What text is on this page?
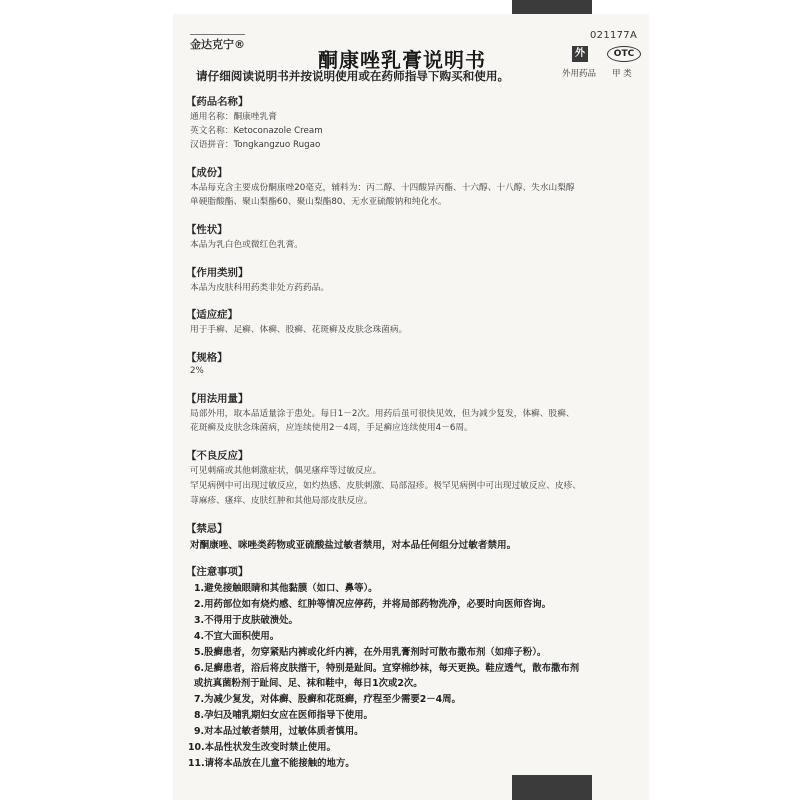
金达克宁®
021177A
酮康唑乳膏说明书
请仔细阅读说明书并按说明使用或在药师指导下购买和使用。
外	OTC
外用药品 甲 类
【药品名称】
通用名称：酮康唑乳膏
英文名称：Ketoconazole Cream
汉语拼音：Tongkangzuo Rugao
【成份】
本品每克含主要成份酮康唑20毫克，辅料为：丙二醇、十四酸异丙酯、十六醇、十八醇、失水山梨醇
单硬脂酸酯、聚山梨酯60、聚山梨酯80、无水亚硫酸钠和纯化水。
【性状】
本品为乳白色或微红色乳膏。
【作用类别】
本品为皮肤科用药类非处方药药品。
【适应症】
用于手癣、足癣、体癣、股癣、花斑癣及皮肤念珠菌病。
【规格】
2%
【用法用量】
局部外用，取本品适量涂于患处。每日1－2次。用药后虽可很快见效，但为减少复发，体癣、股癣、
花斑癣及皮肤念珠菌病，应连续使用2－4周，手足癣应连续使用4－6周。
【不良反应】
可见刺痛或其他刺激症状，偶见瘙痒等过敏反应。
罕见病例中可出现过敏反应，如灼热感、皮肤刺激、局部湿疹。极罕见病例中可出现过敏反应、皮疹、
荨麻疹、瘙痒、皮肤红肿和其他局部皮肤反应。
【禁忌】
对酮康唑、咪唑类药物或亚硫酸盐过敏者禁用，对本品任何组分过敏者禁用。
【注意事项】
1.避免接触眼睛和其他黏膜（如口、鼻等）。
2.用药部位如有烧灼感、红肿等情况应停药，并将局部药物洗净，必要时向医师咨询。
3.不得用于皮肤破溃处。
4.不宜大面积使用。
5.股癣患者，勿穿紧贴内裤或化纤内裤，在外用乳膏剂时可散布撒布剂（如痱子粉）。
6.足癣患者，浴后将皮肤揩干，特别是趾间。宜穿棉纱袜，每天更换。鞋应透气，散布撒布剂
或抗真菌粉剂于趾间、足、袜和鞋中，每日1次或2次。
7.为减少复发，对体癣、股癣和花斑癣，疗程至少需要2－4周。
8.孕妇及哺乳期妇女应在医师指导下使用。
9.对本品过敏者禁用，过敏体质者慎用。
10.本品性状发生改变时禁止使用。
11.请将本品放在儿童不能接触的地方。
